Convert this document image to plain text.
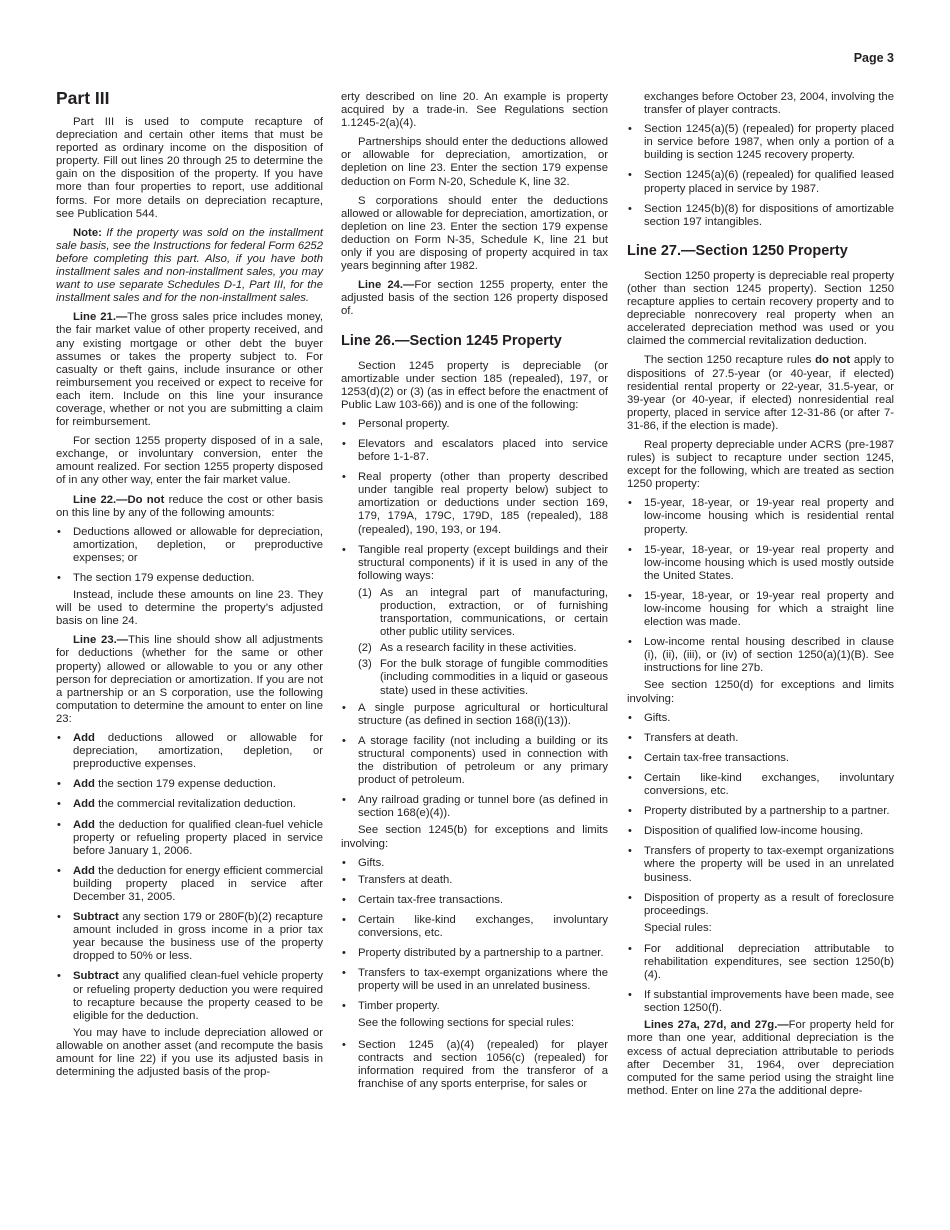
Page 3
Part III

Part III is used to compute recapture of depreciation and certain other items that must be reported as ordinary income on the disposition of property. Fill out lines 20 through 25 to determine the gain on the disposition of the property. If you have more than four properties to report, use additional forms. For more details on depreciation recapture, see Publication 544.

Note: If the property was sold on the installment sale basis, see the Instructions for federal Form 6252 before completing this part. Also, if you have both installment sales and non-installment sales, you may want to use separate Schedules D-1, Part III, for the installment sales and for the non-installment sales.

Line 21.—The gross sales price includes money, the fair market value of other property received, and any existing mortgage or other debt the buyer assumes or takes the property subject to. For casualty or theft gains, include insurance or other reimbursement you received or expect to receive for each item. Include on this line your insurance coverage, whether or not you are submitting a claim for reimbursement.

For section 1255 property disposed of in a sale, exchange, or involuntary conversion, enter the amount realized. For section 1255 property disposed of in any other way, enter the fair market value.

Line 22.—Do not reduce the cost or other basis on this line by any of the following amounts:

• Deductions allowed or allowable for depreciation, amortization, depletion, or preproductive expenses; or
• The section 179 expense deduction.

Instead, include these amounts on line 23. They will be used to determine the property’s adjusted basis on line 24.

Line 23.—This line should show all adjustments for deductions (whether for the same or other property) allowed or allowable to you or any other person for depreciation or amortization. If you are not a partnership or an S corporation, use the following computation to determine the amount to enter on line 23:

• Add deductions allowed or allowable for depreciation, amortization, depletion, or preproductive expenses.
• Add the section 179 expense deduction.
• Add the commercial revitalization deduction.
• Add the deduction for qualified clean-fuel vehicle property or refueling property placed in service before January 1, 2006.
• Add the deduction for energy efficient commercial building property placed in service after December 31, 2005.
• Subtract any section 179 or 280F(b)(2) recapture amount included in gross income in a prior tax year because the business use of the property dropped to 50% or less.
• Subtract any qualified clean-fuel vehicle property or refueling property deduction you were required to recapture because the property ceased to be eligible for the deduction.

You may have to include depreciation allowed or allowable on another asset (and recompute the basis amount for line 22) if you use its adjusted basis in determining the adjusted basis of the prop-

erty described on line 20. An example is property acquired by a trade-in. See Regulations section 1.1245-2(a)(4).

Partnerships should enter the deductions allowed or allowable for depreciation, amortization, or depletion on line 23. Enter the section 179 expense deduction on Form N-20, Schedule K, line 32.

S corporations should enter the deductions allowed or allowable for depreciation, amortization, or depletion on line 23. Enter the section 179 expense deduction on Form N-35, Schedule K, line 21 but only if you are disposing of property acquired in tax years beginning after 1982.

Line 24.—For section 1255 property, enter the adjusted basis of the section 126 property disposed of.

Line 26.—Section 1245 Property

Section 1245 property is depreciable (or amortizable under section 185 (repealed), 197, or 1253(d)(2) or (3) (as in effect before the enactment of Public Law 103-66)) and is one of the following:

• Personal property.
• Elevators and escalators placed into service before 1-1-87.
• Real property (other than property described under tangible real property below) subject to amortization or deductions under section 169, 179, 179A, 179C, 179D, 185 (repealed), 188 (repealed), 190, 193, or 194.
• Tangible real property (except buildings and their structural components) if it is used in any of the following ways:
(1) As an integral part of manufacturing, production, extraction, or of furnishing transportation, communications, or certain other public utility services.
(2) As a research facility in these activities.
(3) For the bulk storage of fungible commodities (including commodities in a liquid or gaseous state) used in these activities.
• A single purpose agricultural or horticultural structure (as defined in section 168(i)(13)).
• A storage facility (not including a building or its structural components) used in connection with the distribution of petroleum or any primary product of petroleum.
• Any railroad grading or tunnel bore (as defined in section 168(e)(4)).

See section 1245(b) for exceptions and limits involving:

• Gifts.
• Transfers at death.
• Certain tax-free transactions.
• Certain like-kind exchanges, involuntary conversions, etc.
• Property distributed by a partnership to a partner.
• Transfers to tax-exempt organizations where the property will be used in an unrelated business.
• Timber property.

See the following sections for special rules:

• Section 1245 (a)(4) (repealed) for player contracts and section 1056(c) (repealed) for information required from the transferor of a franchise of any sports enterprise, for sales or

exchanges before October 23, 2004, involving the transfer of player contracts.

• Section 1245(a)(5) (repealed) for property placed in service before 1987, when only a portion of a building is section 1245 recovery property.
• Section 1245(a)(6) (repealed) for qualified leased property placed in service by 1987.
• Section 1245(b)(8) for dispositions of amortizable section 197 intangibles.
Line 27.—Section 1250 Property

Section 1250 property is depreciable real property (other than section 1245 property). Section 1250 recapture applies to certain recovery property and to depreciable nonrecovery real property when an accelerated depreciation method was used or you claimed the commercial revitalization deduction.

The section 1250 recapture rules do not apply to dispositions of 27.5-year (or 40-year, if elected) residential rental property or 22-year, 31.5-year, or 39-year (or 40-year, if elected) nonresidential real property, placed in service after 12-31-86 (or after 7-31-86, if the election is made).

Real property depreciable under ACRS (pre-1987 rules) is subject to recapture under section 1245, except for the following, which are treated as section 1250 property:

• 15-year, 18-year, or 19-year real property and low-income housing which is residential rental property.
• 15-year, 18-year, or 19-year real property and low-income housing which is used mostly outside the United States.
• 15-year, 18-year, or 19-year real property and low-income housing for which a straight line election was made.
• Low-income rental housing described in clause (i), (ii), (iii), or (iv) of section 1250(a)(1)(B). See instructions for line 27b.

See section 1250(d) for exceptions and limits involving:

• Gifts.
• Transfers at death.
• Certain tax-free transactions.
• Certain like-kind exchanges, involuntary conversions, etc.
• Property distributed by a partnership to a partner.
• Disposition of qualified low-income housing.
• Transfers of property to tax-exempt organizations where the property will be used in an unrelated business.
• Disposition of property as a result of foreclosure proceedings.

Special rules:

• For additional depreciation attributable to rehabilitation expenditures, see section 1250(b)(4).
• If substantial improvements have been made, see section 1250(f).

Lines 27a, 27d, and 27g.—For property held for more than one year, additional depreciation is the excess of actual depreciation attributable to periods after December 31, 1964, over depreciation computed for the same period using the straight line method. Enter on line 27a the additional depre-
